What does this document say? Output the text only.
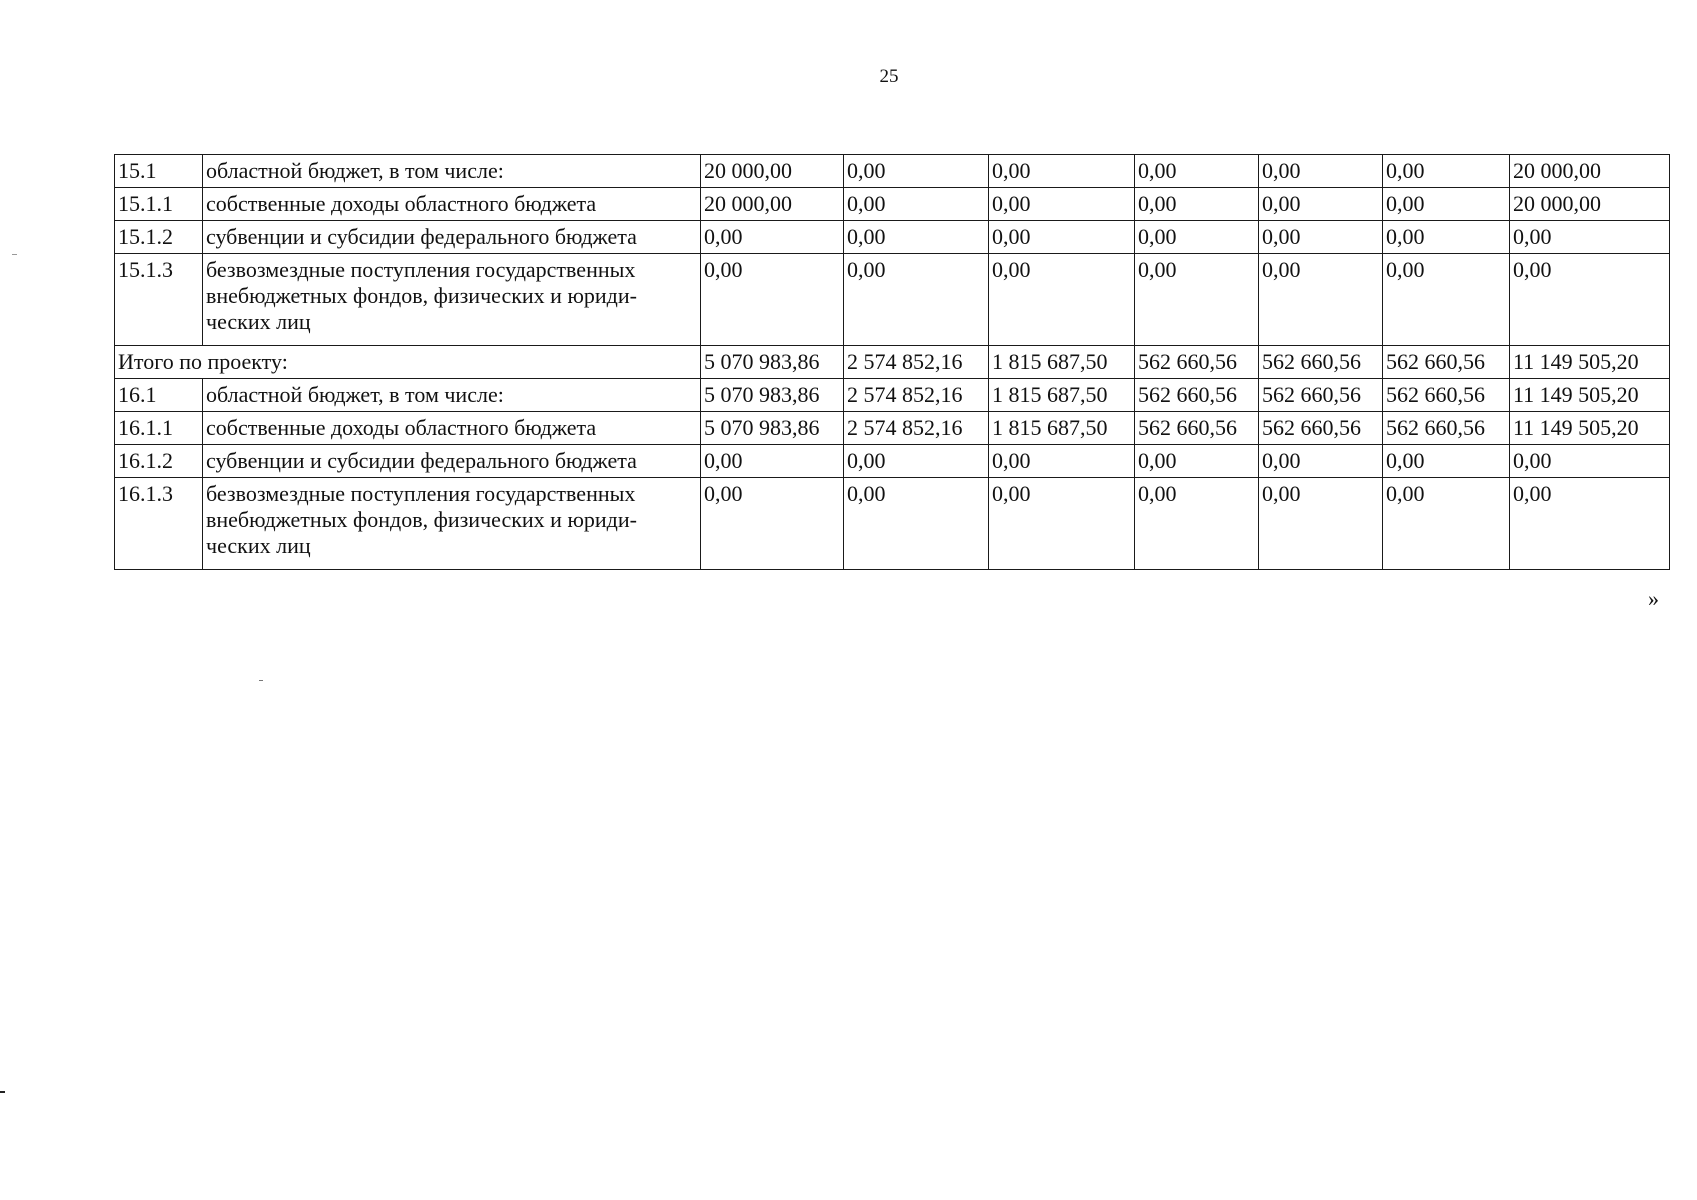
25
15.1	областной бюджет, в том числе:	20 000,00	0,00	0,00	0,00	0,00	0,00	20 000,00
15.1.1	собственные доходы областного бюджета	20 000,00	0,00	0,00	0,00	0,00	0,00	20 000,00
15.1.2	субвенции и субсидии федерального бюджета	0,00	0,00	0,00	0,00	0,00	0,00	0,00
15.1.3	безвозмездные поступления государственных внебюджетных фондов, физических и юриди-ческих лиц	0,00	0,00	0,00	0,00	0,00	0,00	0,00
Итого по проекту:		5 070 983,86	2 574 852,16	1 815 687,50	562 660,56	562 660,56	562 660,56	11 149 505,20
16.1	областной бюджет, в том числе:	5 070 983,86	2 574 852,16	1 815 687,50	562 660,56	562 660,56	562 660,56	11 149 505,20
16.1.1	собственные доходы областного бюджета	5 070 983,86	2 574 852,16	1 815 687,50	562 660,56	562 660,56	562 660,56	11 149 505,20
16.1.2	субвенции и субсидии федерального бюджета	0,00	0,00	0,00	0,00	0,00	0,00	0,00
16.1.3	безвозмездные поступления государственных внебюджетных фондов, физических и юриди-ческих лиц	0,00	0,00	0,00	0,00	0,00	0,00	0,00
»
